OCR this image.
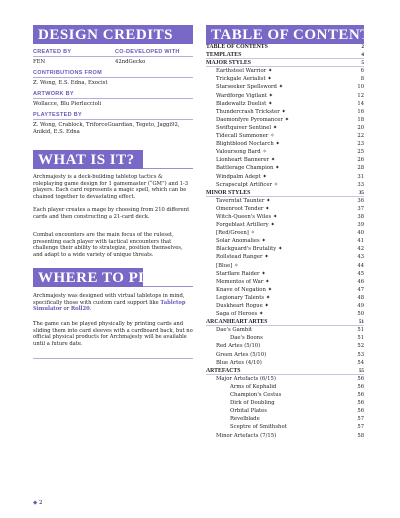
DESIGN CREDITS
CREATED BY
FEN
CO-DEVELOPED WITH
42ndGecko
CONTRIBUTIONS FROM
Z. Wong, E.S. Edna, Exocist
ARTWORK BY
Wollacce, Blu Pierluccioli
PLAYTESTED BY
Z. Wong, Crablock, TriforceGuardian, Tegeto, Jaggi92, Anikid, E.S. Edna
WHAT IS IT?
Archmajesty is a deck-building tabletop tactics & roleplaying game design for 1 gamemaster (“GM”) and 1-3 players. Each card represents a magic spell, which can be chained together to devastating effect.
Each player creates a mage by choosing from 210 different cards and then constructing a 21-card deck.
Combat encounters are the main focus of the ruleset, presenting each player with tactical encounters that challenge their ability to strategize, position themselves, and adapt to a wide variety of unique threats.
WHERE TO PLAY
Archmajesty was designed with virtual tabletops in mind, specifically those with custom card support like Tabletop Simulator or Roll20.
The game can be played physically by printing cards and sliding them into card sleeves with a cardboard back, but no official physical products for Archmajesty will be available until a future date.
TABLE OF CONTENTS
TABLE OF CONTENTS	2
TEMPLATES	4
MAJOR STYLES	5
Earthsteel Warrior ✦	6
Trickgale Aerialist ✦	8
Starseeker Spellsword ✦	10
Wardforge Vigilant ✦	12
Bladewaltz Duelist ✦	14
Thundercrash Trickster ✦	16
Daemonfyre Pyromancer ✦	18
Swiftquiver Sentinel ✦	20
Tidecall Summoner ✧	22
Blightblood Noctarch ✦	23
Valoursong Bard ✧	25
Lionheart Bannerer ✦	26
Battlerage Champion ✦	28
Windpalm Adept ✦	31
Scrapsculpt Artificer ✧	33
MINOR STYLES	35
Taverntat Taunter ✦	36
Omenroot Tender ✦	37
Witch-Queen's Wiles ✦	38
Forgeblast Artillery ✦	39
[Red/Green] ✧	40
Solar Anomalies ✦	41
Blackguard's Brutality ✦	42
Rollstead Ranger ✦	43
[Blue] ✧	44
Starflare Raider ✦	45
Mementos of War ✦	46
Knave of Negation ✦	47
Legionary Talents ✦	48
Duskheart Rogue ✦	49
Saga of Heroes ✦	50
ARCANHEART ARTES	51
Dae's Gambit	51
Dae's Boons	51
Red Artes (5/10)	52
Green Artes (5/10)	53
Blue Artes (4/10)	54
ARTEFACTS	55
Major Artefacts (6/15)	56
Arms of Kephalid	56
Champion's Cestus	56
Dirk of Doubling	56
Orbital Plates	56
Revelblade	57
Sceptre of Smithshot	57
Minor Artefacts (7/15)	58
◆ 2
